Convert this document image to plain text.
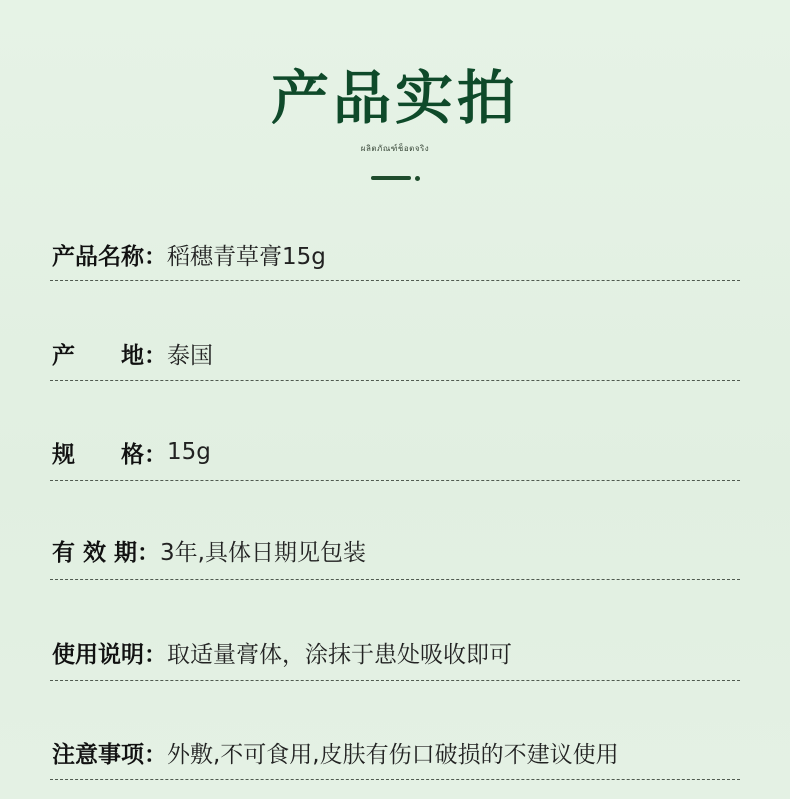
产品实拍
ผลิตภัณฑ์ช็อตจริง
产品名称： 稻穗青草膏15g
产　　地： 泰国
规　　格： 15g
有 效 期： 3年,具体日期见包装
使用说明： 取适量膏体，涂抹于患处吸收即可
注意事项： 外敷,不可食用,皮肤有伤口破损的不建议使用
